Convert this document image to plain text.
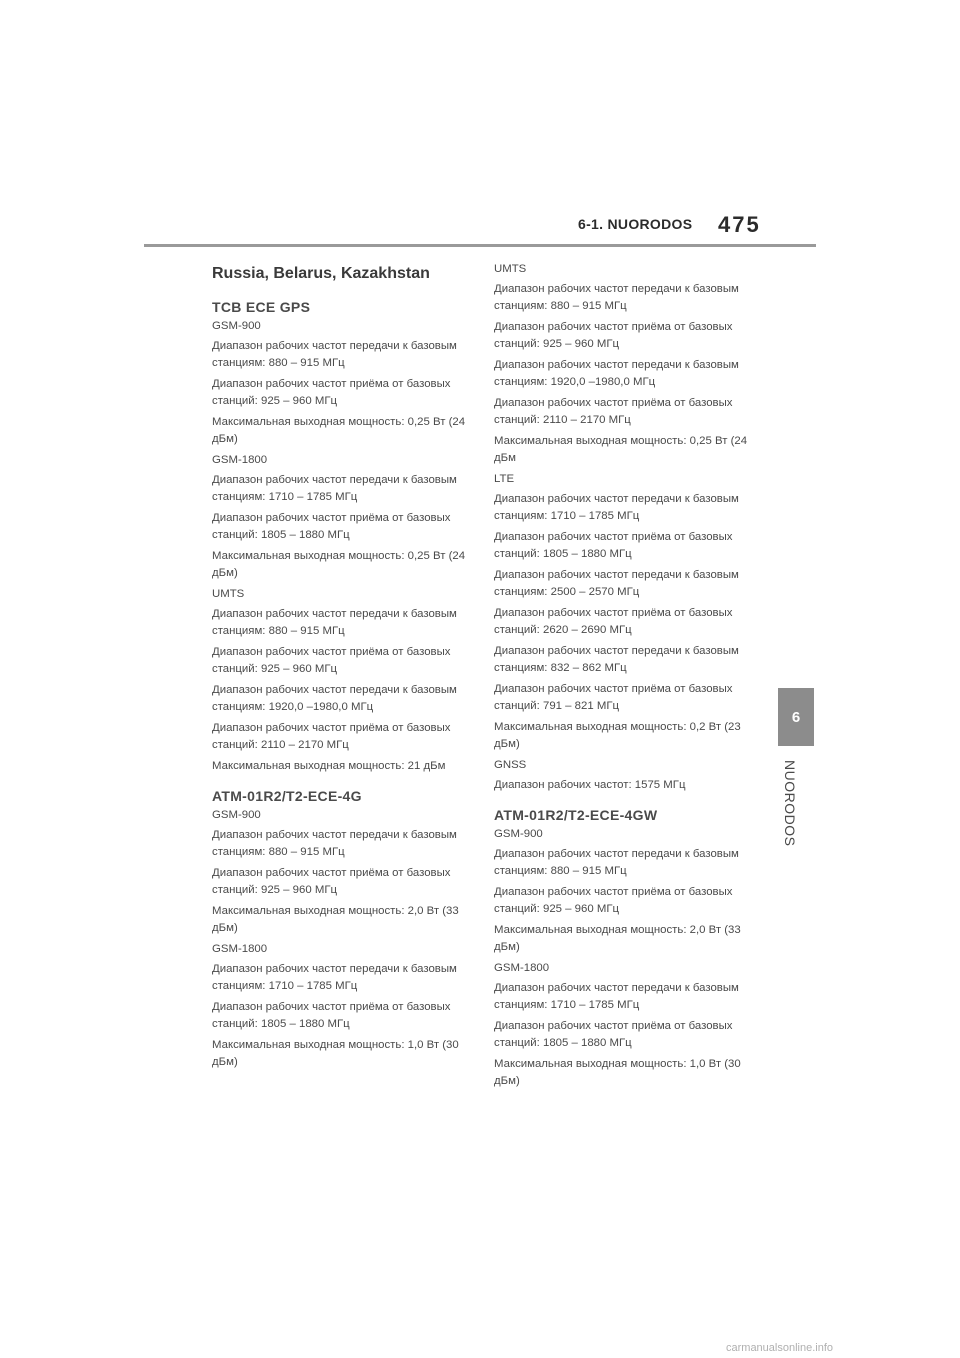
6-1. NUORODOS 475
6
NUORODOS
Russia, Belarus, Kazakhstan
TCB ECE GPS
GSM-900
Диапазон рабочих частот передачи к базовым станциям: 880 – 915 МГц
Диапазон рабочих частот приёма от базовых станций: 925 – 960 МГц
Максимальная выходная мощность: 0,25 Вт (24 дБм)
GSM-1800
Диапазон рабочих частот передачи к базовым станциям: 1710 – 1785 МГц
Диапазон рабочих частот приёма от базовых станций: 1805 – 1880 МГц
Максимальная выходная мощность: 0,25 Вт (24 дБм)
UMTS
Диапазон рабочих частот передачи к базовым станциям: 880 – 915 МГц
Диапазон рабочих частот приёма от базовых станций: 925 – 960 МГц
Диапазон рабочих частот передачи к базовым станциям: 1920,0 –1980,0 МГц
Диапазон рабочих частот приёма от базовых станций: 2110 – 2170 МГц
Максимальная выходная мощность: 21 дБм
ATM-01R2/T2-ECE-4G
GSM-900
Диапазон рабочих частот передачи к базовым станциям: 880 – 915 МГц
Диапазон рабочих частот приёма от базовых станций: 925 – 960 МГц
Максимальная выходная мощность: 2,0 Вт (33 дБм)
GSM-1800
Диапазон рабочих частот передачи к базовым станциям: 1710 – 1785 МГц
Диапазон рабочих частот приёма от базовых станций: 1805 – 1880 МГц
Максимальная выходная мощность: 1,0 Вт (30 дБм)
UMTS
Диапазон рабочих частот передачи к базовым станциям: 880 – 915 МГц
Диапазон рабочих частот приёма от базовых станций: 925 – 960 МГц
Диапазон рабочих частот передачи к базовым станциям: 1920,0 –1980,0 МГц
Диапазон рабочих частот приёма от базовых станций: 2110 – 2170 МГц
Максимальная выходная мощность: 0,25 Вт (24 дБм
LTE
Диапазон рабочих частот передачи к базовым станциям: 1710 – 1785 МГц
Диапазон рабочих частот приёма от базовых станций: 1805 – 1880 МГц
Диапазон рабочих частот передачи к базовым станциям: 2500 – 2570 МГц
Диапазон рабочих частот приёма от базовых станций: 2620 – 2690 МГц
Диапазон рабочих частот передачи к базовым станциям: 832 – 862 МГц
Диапазон рабочих частот приёма от базовых станций: 791 – 821 МГц
Максимальная выходная мощность: 0,2 Вт (23 дБм)
GNSS
Диапазон рабочих частот: 1575 МГц
ATM-01R2/T2-ECE-4GW
GSM-900
Диапазон рабочих частот передачи к базовым станциям: 880 – 915 МГц
Диапазон рабочих частот приёма от базовых станций: 925 – 960 МГц
Максимальная выходная мощность: 2,0 Вт (33 дБм)
GSM-1800
Диапазон рабочих частот передачи к базовым станциям: 1710 – 1785 МГц
Диапазон рабочих частот приёма от базовых станций: 1805 – 1880 МГц
Максимальная выходная мощность: 1,0 Вт (30 дБм)
carmanualsonline.info
